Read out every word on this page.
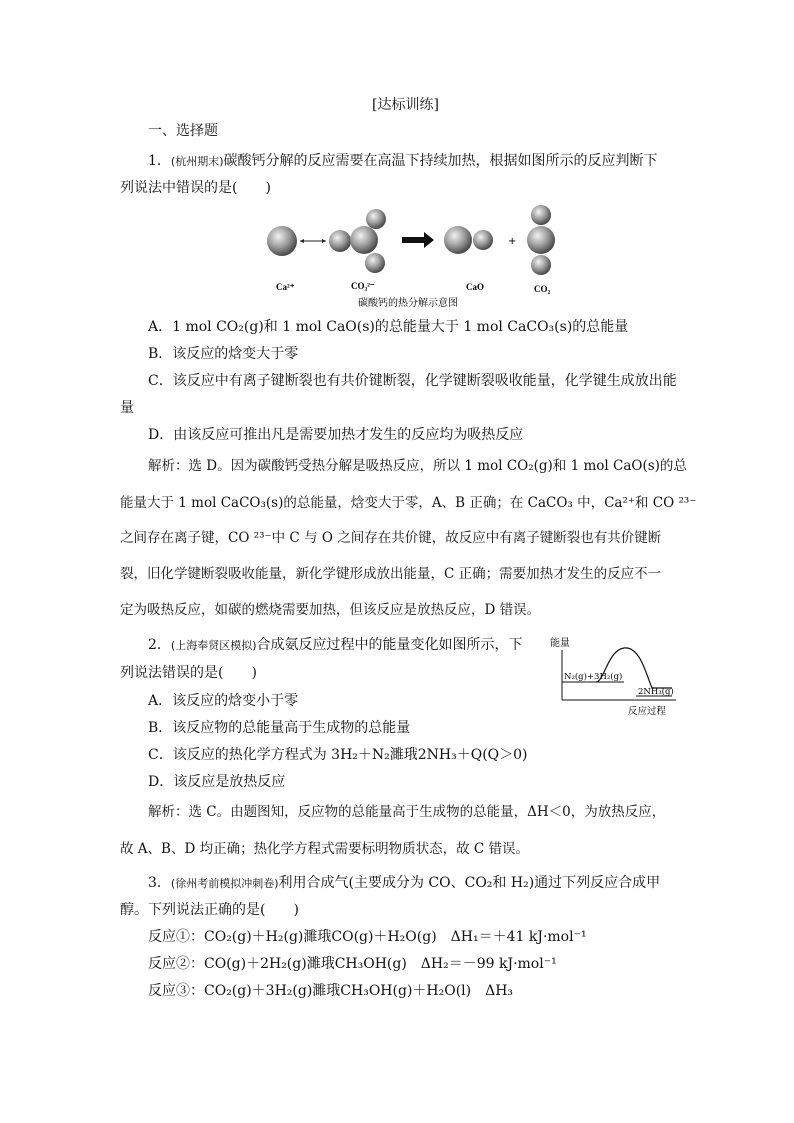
[达标训练]
一、选择题
1．(杭州期末)碳酸钙分解的反应需要在高温下持续加热，根据如图所示的反应判断下
列说法中错误的是(　　)
+
Ca²⁺	CO₃²⁻	CaO	CO₂
碳酸钙的热分解示意图
A．1 mol CO₂(g)和 1 mol CaO(s)的总能量大于 1 mol CaCO₃(s)的总能量
B．该反应的焓变大于零
C．该反应中有离子键断裂也有共价键断裂，化学键断裂吸收能量，化学键生成放出能
量
D．由该反应可推出凡是需要加热才发生的反应均为吸热反应
解析：选 D。因为碳酸钙受热分解是吸热反应，所以 1 mol CO₂(g)和 1 mol CaO(s)的总
能量大于 1 mol CaCO₃(s)的总能量，焓变大于零，A、B 正确；在 CaCO₃ 中，Ca²⁺和 CO ²³⁻
之间存在离子键，CO ²³⁻中 C 与 O 之间存在共价键，故反应中有离子键断裂也有共价键断
裂，旧化学键断裂吸收能量，新化学键形成放出能量，C 正确；需要加热才发生的反应不一
定为吸热反应，如碳的燃烧需要加热，但该反应是放热反应，D 错误。
2．(上海奉贤区模拟)合成氨反应过程中的能量变化如图所示，下
列说法错误的是(　　)
能量
N₂(g)+3H₂(g)
2NH₃(g)
反应过程
A．该反应的焓变小于零
B．该反应物的总能量高于生成物的总能量
C．该反应的热化学方程式为 3H₂＋N₂濉珴2NH₃＋Q(Q＞0)
D．该反应是放热反应
解析：选 C。由题图知，反应物的总能量高于生成物的总能量，ΔH＜0，为放热反应，
故 A、B、D 均正确；热化学方程式需要标明物质状态，故 C 错误。
3．(徐州考前模拟冲刺卷)利用合成气(主要成分为 CO、CO₂和 H₂)通过下列反应合成甲
醇。下列说法正确的是(　　)
反应①：CO₂(g)＋H₂(g)濉珴CO(g)＋H₂O(g)　ΔH₁＝＋41 kJ·mol⁻¹
反应②：CO(g)＋2H₂(g)濉珴CH₃OH(g)　ΔH₂＝－99 kJ·mol⁻¹
反应③：CO₂(g)＋3H₂(g)濉珴CH₃OH(g)＋H₂O(l)　ΔH₃
